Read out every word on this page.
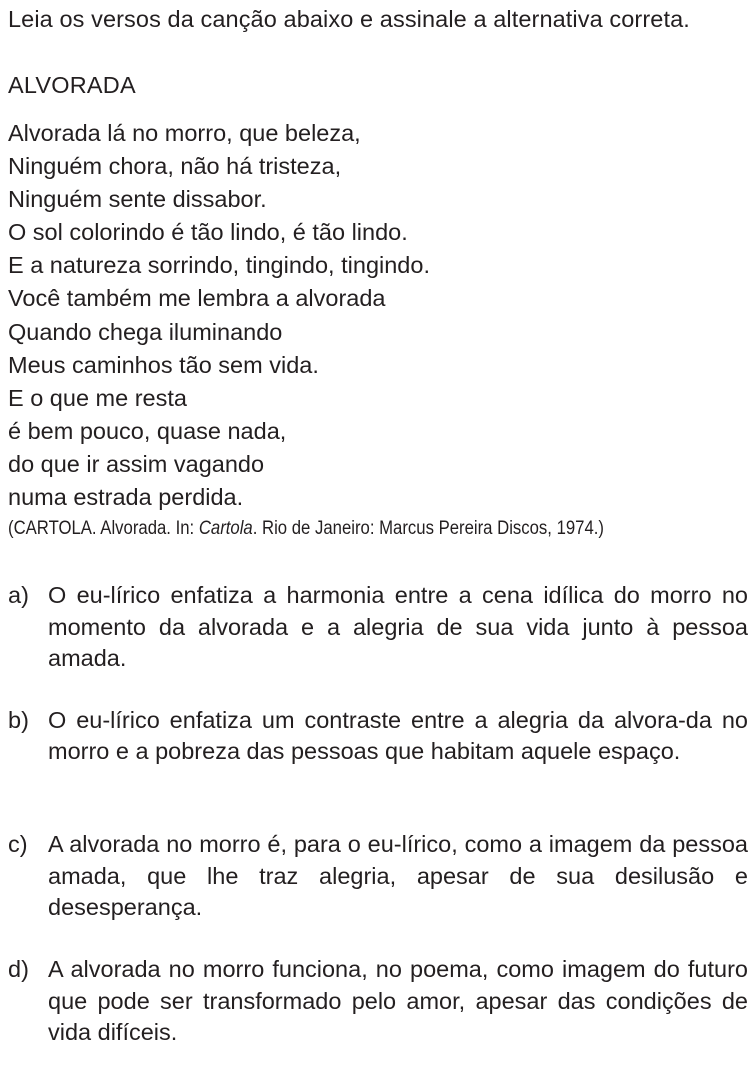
Leia os versos da canção abaixo e assinale a alternativa correta.
ALVORADA
Alvorada lá no morro, que beleza,
Ninguém chora, não há tristeza,
Ninguém sente dissabor.
O sol colorindo é tão lindo, é tão lindo.
E a natureza sorrindo, tingindo, tingindo.
Você também me lembra a alvorada
Quando chega iluminando
Meus caminhos tão sem vida.
E o que me resta
é bem pouco, quase nada,
do que ir assim vagando
numa estrada perdida.
(CARTOLA. Alvorada. In: Cartola. Rio de Janeiro: Marcus Pereira Discos, 1974.)
a) O eu-lírico enfatiza a harmonia entre a cena idílica do morro no momento da alvorada e a alegria de sua vida junto à pessoa amada.
b) O eu-lírico enfatiza um contraste entre a alegria da alvora-da no morro e a pobreza das pessoas que habitam aquele espaço.
c) A alvorada no morro é, para o eu-lírico, como a imagem da pessoa amada, que lhe traz alegria, apesar de sua desilusão e desesperança.
d) A alvorada no morro funciona, no poema, como imagem do futuro que pode ser transformado pelo amor, apesar das condições de vida difíceis.
